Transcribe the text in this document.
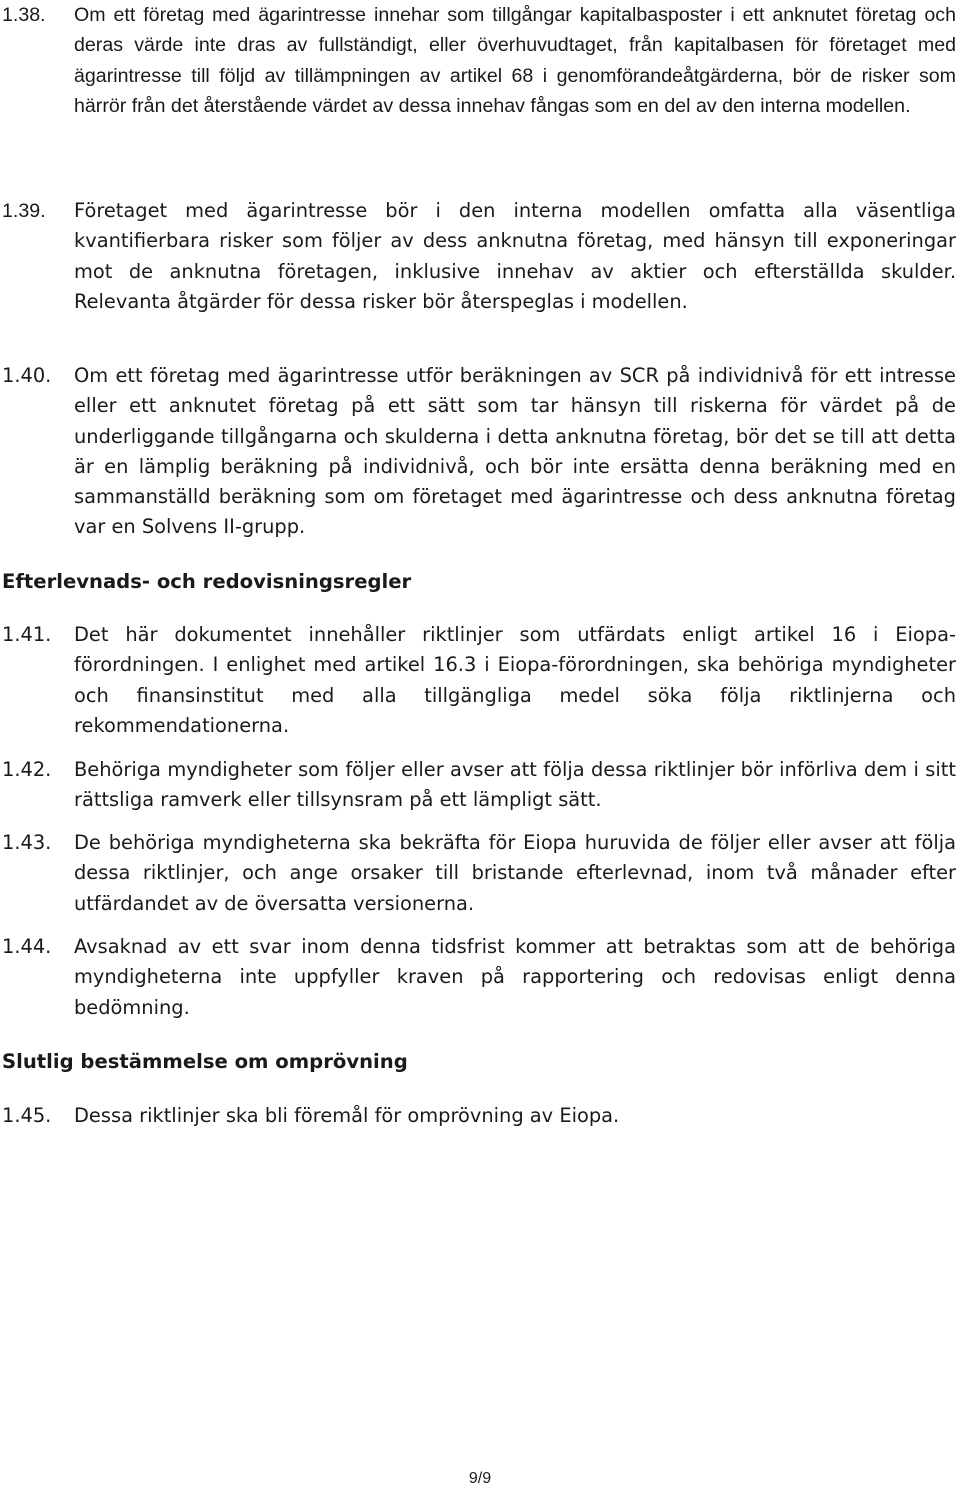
1.38.	Om ett företag med ägarintresse innehar som tillgångar kapitalbasposter i ett anknutet företag och deras värde inte dras av fullständigt, eller överhuvudtaget, från kapitalbasen för företaget med ägarintresse till följd av tillämpningen av artikel 68 i genomförandeåtgärderna, bör de risker som härrör från det återstående värdet av dessa innehav fångas som en del av den interna modellen.
1.39.	Företaget med ägarintresse bör i den interna modellen omfatta alla väsentliga kvantifierbara risker som följer av dess anknutna företag, med hänsyn till exponeringar mot de anknutna företagen, inklusive innehav av aktier och efterställda skulder. Relevanta åtgärder för dessa risker bör återspeglas i modellen.
1.40.	Om ett företag med ägarintresse utför beräkningen av SCR på individnivå för ett intresse eller ett anknutet företag på ett sätt som tar hänsyn till riskerna för värdet på de underliggande tillgångarna och skulderna i detta anknutna företag, bör det se till att detta är en lämplig beräkning på individnivå, och bör inte ersätta denna beräkning med en sammanställd beräkning som om företaget med ägarintresse och dess anknutna företag var en Solvens II-grupp.
Efterlevnads- och redovisningsregler
1.41.	Det här dokumentet innehåller riktlinjer som utfärdats enligt artikel 16 i Eiopa-förordningen. I enlighet med artikel 16.3 i Eiopa-förordningen, ska behöriga myndigheter och finansinstitut med alla tillgängliga medel söka följa riktlinjerna och rekommendationerna.
1.42.	Behöriga myndigheter som följer eller avser att följa dessa riktlinjer bör införliva dem i sitt rättsliga ramverk eller tillsynsram på ett lämpligt sätt.
1.43.	De behöriga myndigheterna ska bekräfta för Eiopa huruvida de följer eller avser att följa dessa riktlinjer, och ange orsaker till bristande efterlevnad, inom två månader efter utfärdandet av de översatta versionerna.
1.44.	Avsaknad av ett svar inom denna tidsfrist kommer att betraktas som att de behöriga myndigheterna inte uppfyller kraven på rapportering och redovisas enligt denna bedömning.
Slutlig bestämmelse om omprövning
1.45.	Dessa riktlinjer ska bli föremål för omprövning av Eiopa.
9/9
